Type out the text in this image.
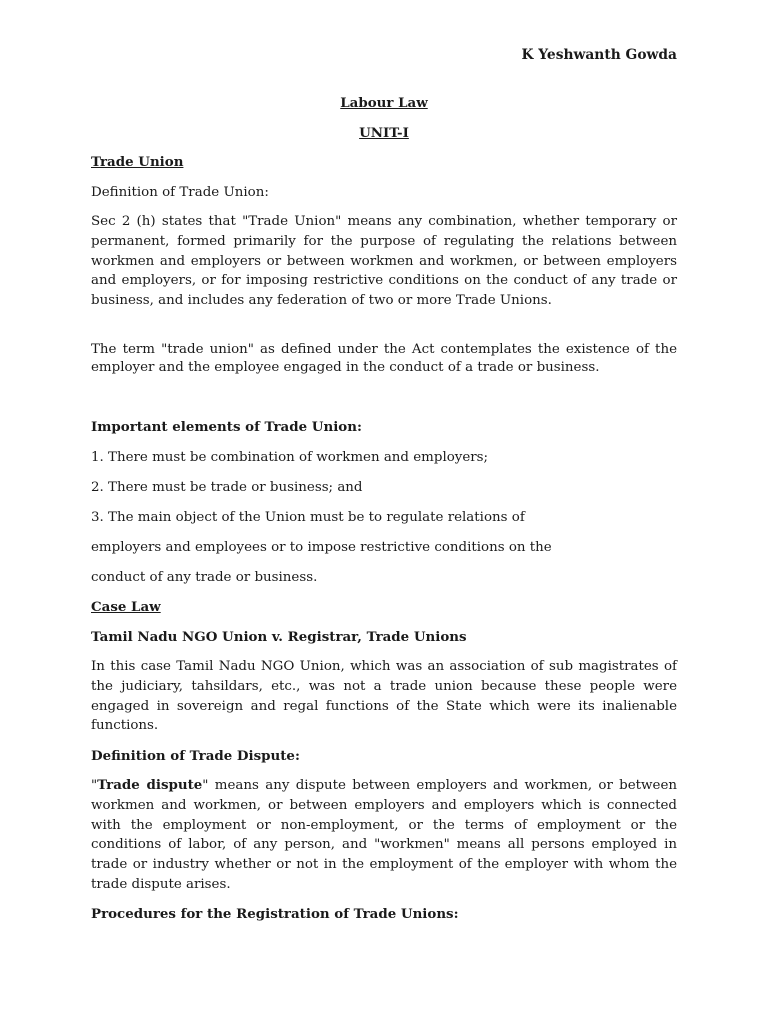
K Yeshwanth Gowda
Labour Law
UNIT-I
Trade Union
Definition of Trade Union:
Sec 2 (h) states that "Trade Union" means any combination, whether temporary or permanent, formed primarily for the purpose of regulating the relations between workmen and employers or between workmen and workmen, or between employers and employers, or for imposing restrictive conditions on the conduct of any trade or business, and includes any federation of two or more Trade Unions.
The term "trade union" as defined under the Act contemplates the existence of the employer and the employee engaged in the conduct of a trade or business.
Important elements of Trade Union:
1. There must be combination of workmen and employers;
2. There must be trade or business; and
3. The main object of the Union must be to regulate relations of
employers and employees or to impose restrictive conditions on the
conduct of any trade or business.
Case Law
Tamil Nadu NGO Union v. Registrar, Trade Unions
In this case Tamil Nadu NGO Union, which was an association of sub magistrates of the judiciary, tahsildars, etc., was not a trade union because these people were engaged in sovereign and regal functions of the State which were its inalienable functions.
Definition of Trade Dispute:
"Trade dispute" means any dispute between employers and workmen, or between workmen and workmen, or between employers and employers which is connected with the employment or non-employment, or the terms of employment or the conditions of labor, of any person, and "workmen" means all persons employed in trade or industry whether or not in the employment of the employer with whom the trade dispute arises.
Procedures for the Registration of Trade Unions:
